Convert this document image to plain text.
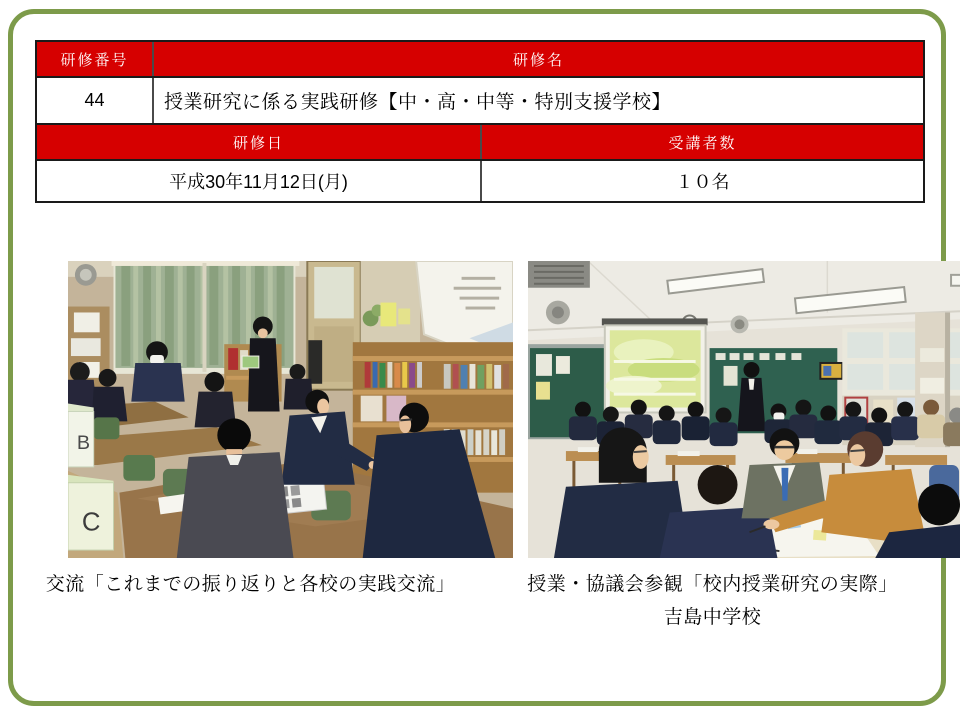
研修番号	研修名
44	授業研究に係る実践研修【中・高・中等・特別支援学校】
研修日	受講者数
平成30年11月12日(月)	１０名
B
C
交流「これまでの振り返りと各校の実践交流」	授業・協議会参観「校内授業研究の実際」
吉島中学校
